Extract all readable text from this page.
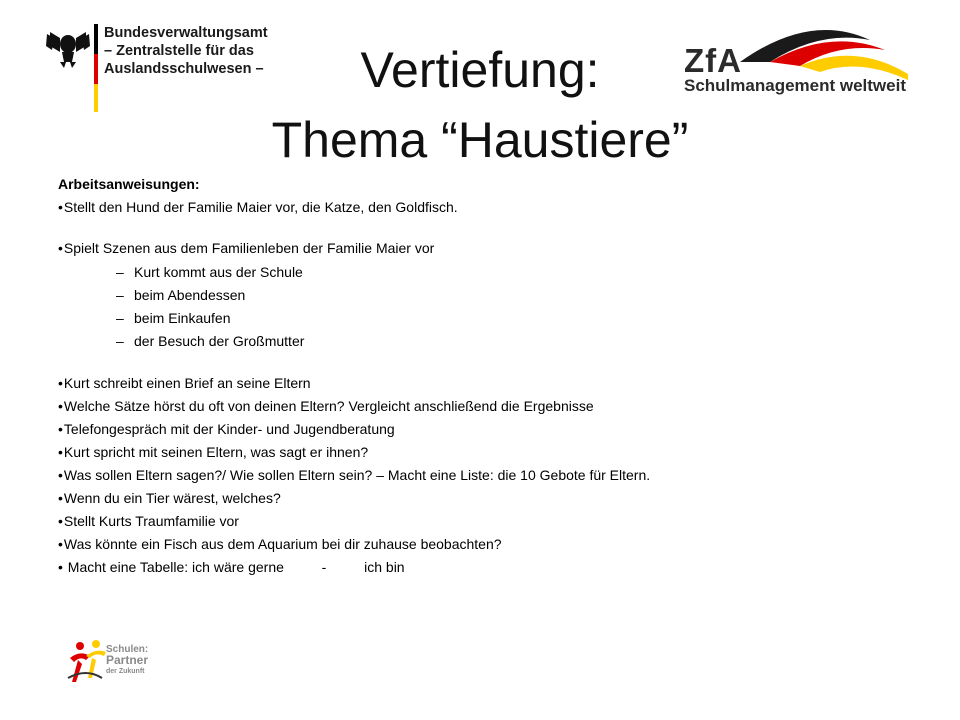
Bundesverwaltungsamt
– Zentralstelle für das
Auslandsschulwesen –	ZfA
Schulmanagement weltweit
Vertiefung:
Thema “Haustiere”
Arbeitsanweisungen:
• Stellt den Hund der Familie Maier vor, die Katze, den Goldfisch.
• Spielt Szenen aus dem Familienleben der Familie Maier vor
– Kurt kommt aus der Schule
– beim Abendessen
– beim Einkaufen
– der Besuch der Großmutter
• Kurt schreibt einen Brief an seine Eltern
• Welche Sätze hörst du oft von deinen Eltern? Vergleicht anschließend die Ergebnisse
• Telefongespräch mit der Kinder- und Jugendberatung
• Kurt spricht mit seinen Eltern, was sagt er ihnen?
• Was sollen Eltern sagen?/ Wie sollen Eltern sein? – Macht eine Liste: die 10 Gebote für Eltern.
• Wenn du ein Tier wärest, welches?
• Stellt Kurts Traumfamilie vor
• Was könnte ein Fisch aus dem Aquarium bei dir zuhause beobachten?
• Macht eine Tabelle: ich wäre gerne	-	ich bin
Schulen:
Partner
der Zukunft
